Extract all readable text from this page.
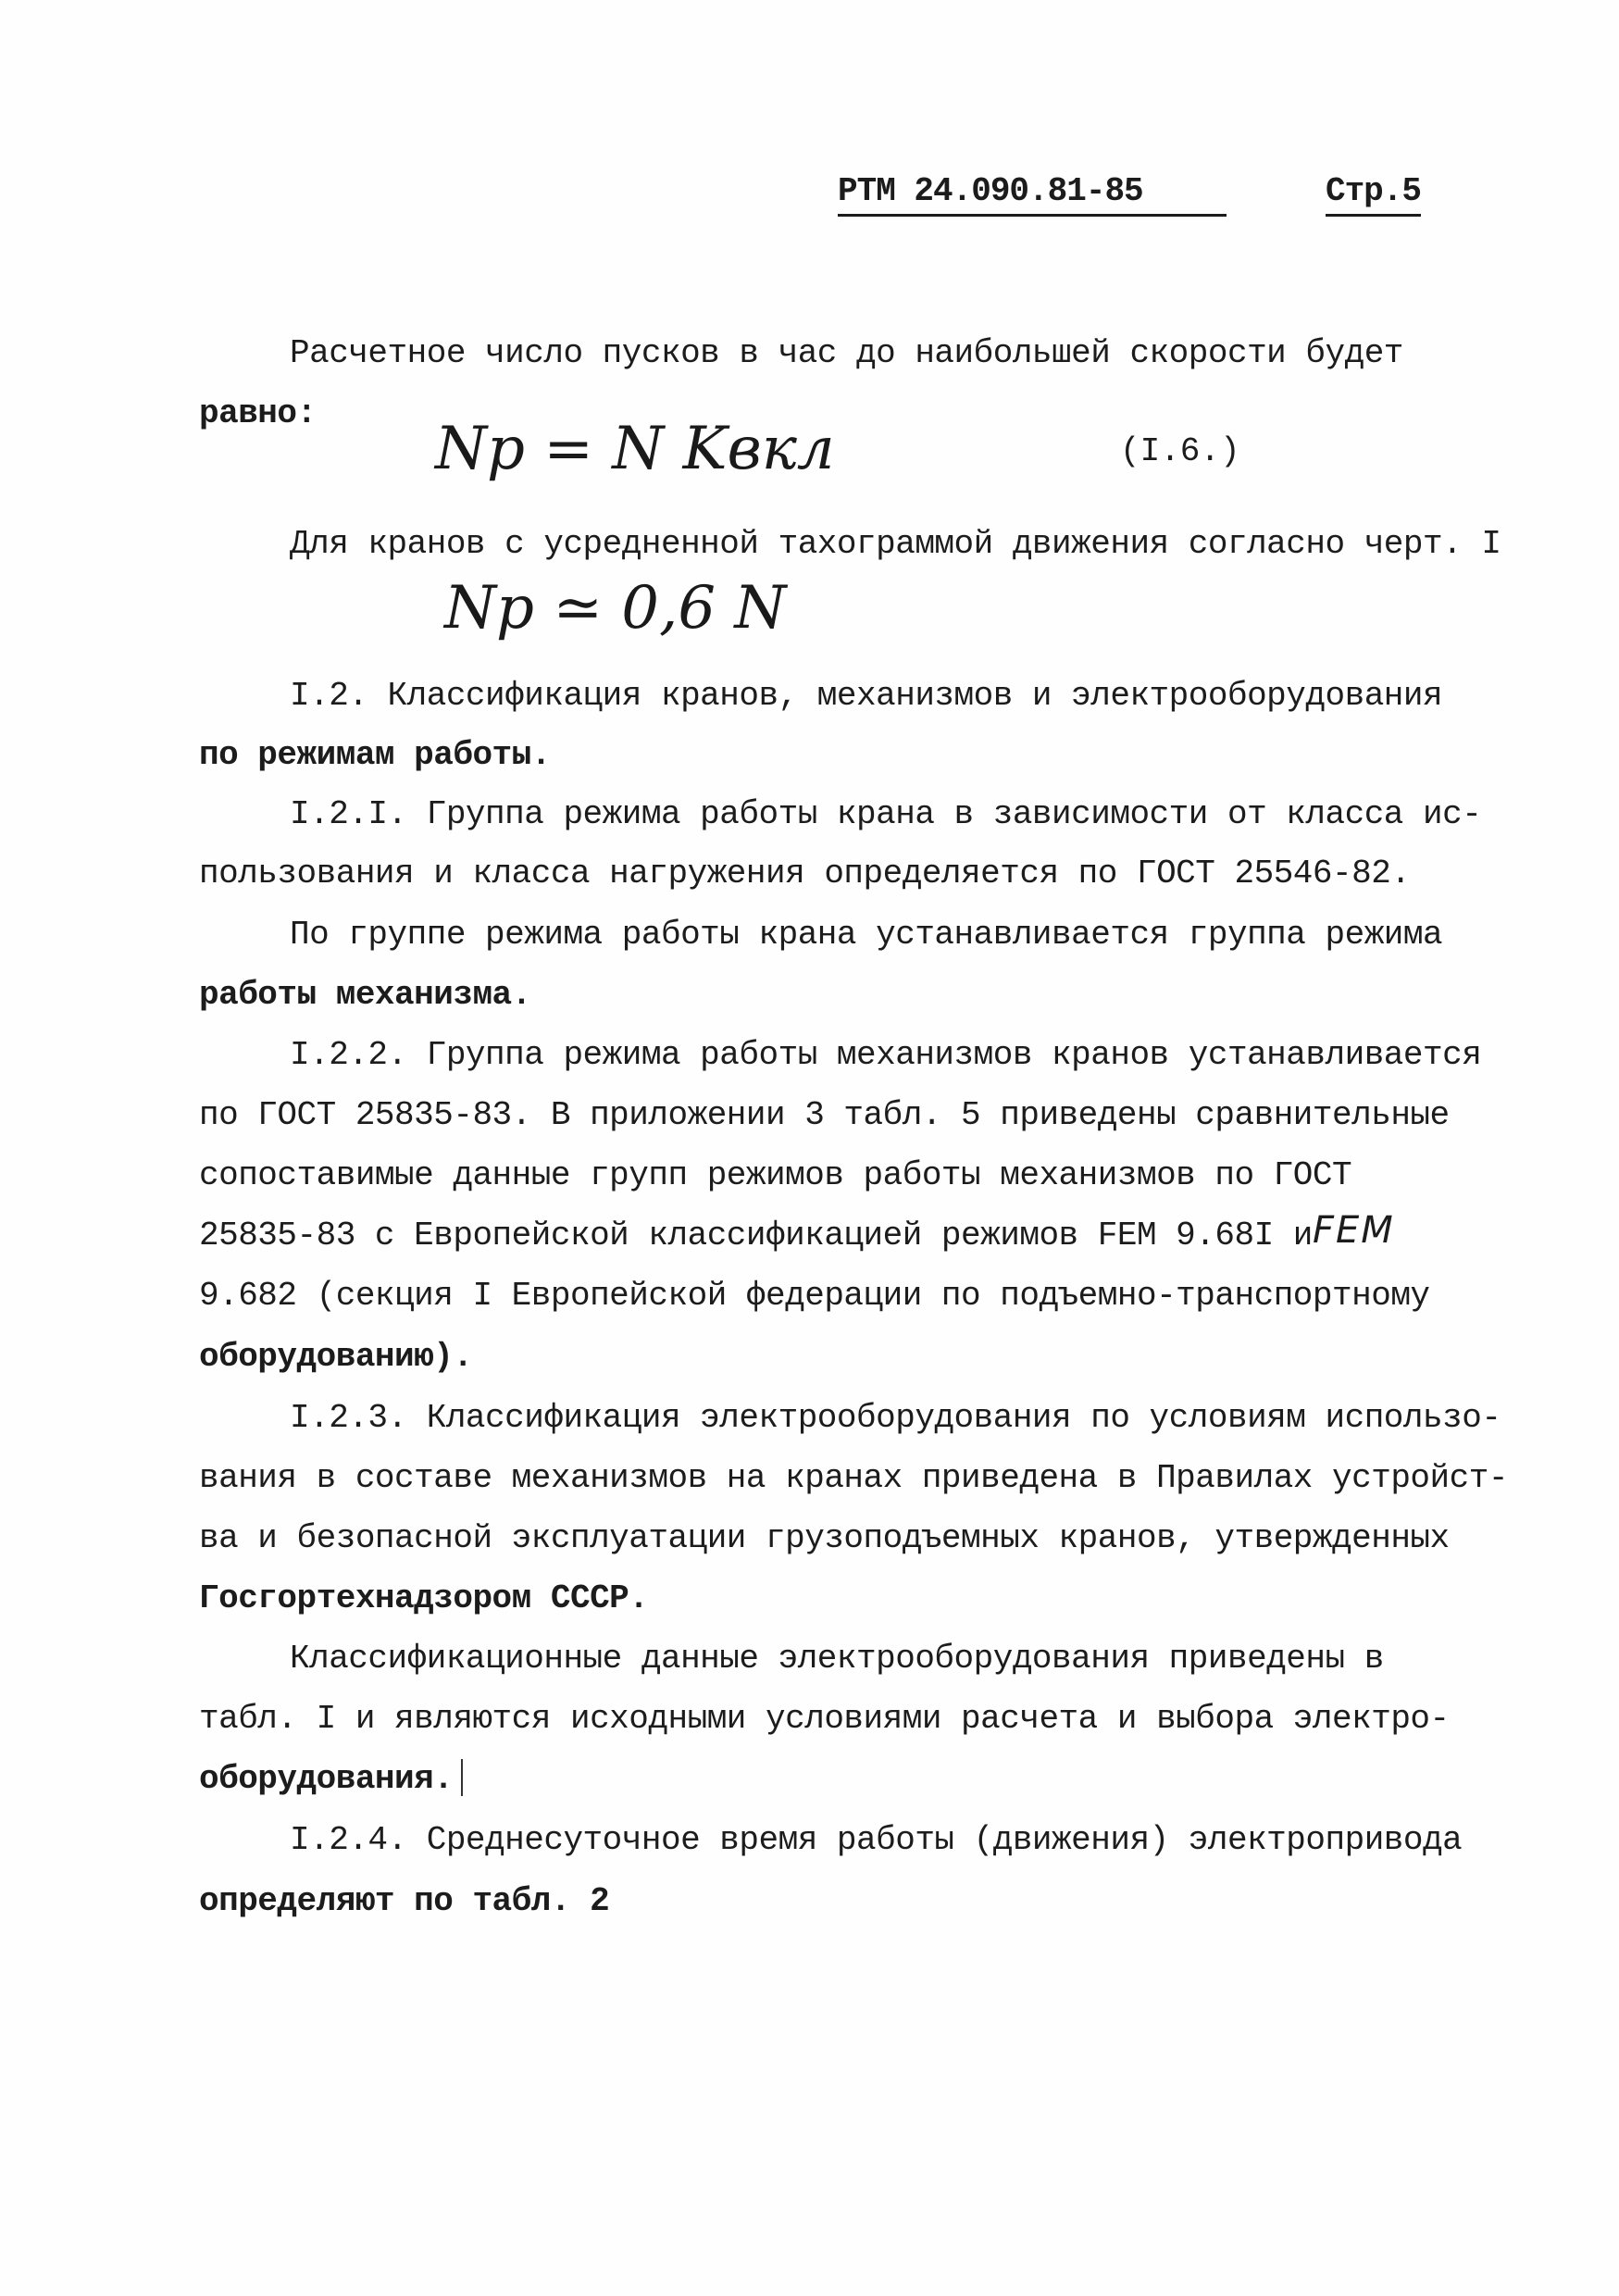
РТМ 24.090.81-85	Стр.5
Расчетное число пусков в час до наибольшей скорости будет
равно:
Nр = N Kвкл	(I.6.)
Для кранов с усредненной тахограммой движения согласно черт. I
Nр ≃ 0,6 N
I.2. Классификация кранов, механизмов и электрооборудования
по режимам работы.
I.2.I. Группа режима работы крана в зависимости от класса ис-
пользования и класса нагружения определяется по ГОСТ 25546-82.
По группе режима работы крана устанавливается группа режима
работы механизма.
I.2.2. Группа режима работы механизмов кранов устанавливается
по ГОСТ 25835-83. В приложении 3 табл. 5 приведены сравнительные
сопоставимые данные групп режимов работы механизмов по ГОСТ
25835-83 с Европейской классификацией режимов FEM 9.68I и FEM
9.682 (секция I Европейской федерации по подъемно-транспортному
оборудованию).
I.2.3. Классификация электрооборудования по условиям использо-
вания в составе механизмов на кранах приведена в Правилах устройст-
ва и безопасной эксплуатации грузоподъемных кранов, утвержденных
Госгортехнадзором СССР.
Классификационные данные электрооборудования приведены в
табл. I и являются исходными условиями расчета и выбора электро-
оборудования.
I.2.4. Среднесуточное время работы (движения) электропривода
определяют по табл. 2
